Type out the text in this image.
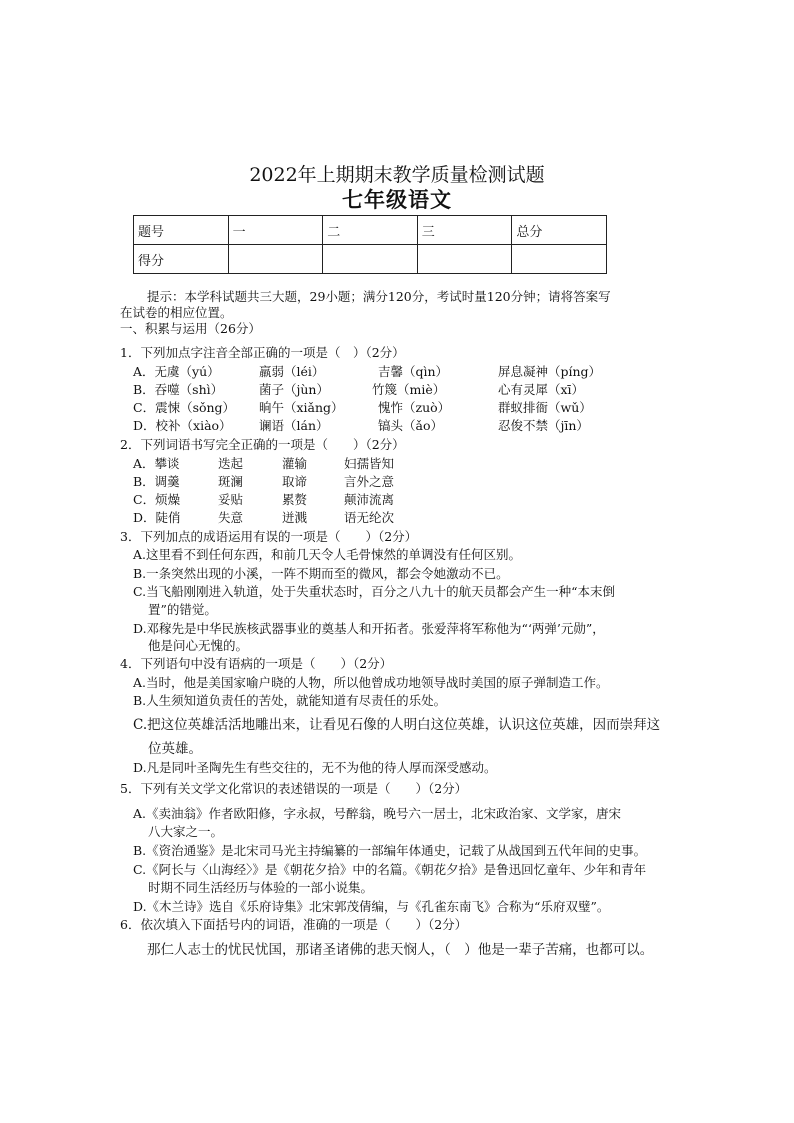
2022年上期期末教学质量检测试题
七年级语文
题号	一	二	三	总分
得分				
提示：本学科试题共三大题，29小题；满分120分，考试时量120分钟；请将答案写
在试卷的相应位置。
一、积累与运用（26分）
1．下列加点字注音全部正确的一项是（　）（2分）
A．无虞（yú）	羸弱（léi）	吉馨（qìn）	屏息凝神（píng）
B．吞噬（shì）	菌子（jùn）	竹篾（miè）	心有灵犀（xī）
C．震悚（sǒng） 晌午（xiǎng）	愧怍（zuò）	群蚁排衙（wǔ）
D．校补（xiào） 谰语（lán）	镐头（ǎo）	忍俊不禁（jīn）
2．下列词语书写完全正确的一项是（　　）（2分）
A．攀谈	迭起	灌输	妇孺皆知
B．调羹	斑澜	取谛	言外之意
C．烦燥	妥贴	累赘	颠沛流离
D．陡俏	失意	迸溅	语无纶次
3．下列加点的成语运用有误的一项是（　　）（2分）
A.这里看不到任何东西，和前几天令人毛骨悚然的单调没有任何区别。
B.一条突然出现的小溪，一阵不期而至的微风，都会令她激动不已。
C.当飞船刚刚进入轨道，处于失重状态时，百分之八九十的航天员都会产生一种“本末倒
置”的错觉。
D.邓稼先是中华民族核武器事业的奠基人和开拓者。张爱萍将军称他为“‘两弹’元勋”，
他是问心无愧的。
4．下列语句中没有语病的一项是（　　）（2分）
A.当时，他是美国家喻户晓的人物，所以他曾成功地领导战时美国的原子弹制造工作。
B.人生须知道负责任的苦处，就能知道有尽责任的乐处。
C.把这位英雄活活地雕出来，让看见石像的人明白这位英雄，认识这位英雄，因而崇拜这
位英雄。
D.凡是同叶圣陶先生有些交往的，无不为他的待人厚而深受感动。
5．下列有关文学文化常识的表述错误的一项是（　　）（2分）
A.《卖油翁》作者欧阳修，字永叔，号醉翁，晚号六一居士，北宋政治家、文学家，唐宋
八大家之一。
B.《资治通鉴》是北宋司马光主持编纂的一部编年体通史，记载了从战国到五代年间的史事。
C.《阿长与〈山海经〉》是《朝花夕拾》中的名篇。《朝花夕拾》是鲁迅回忆童年、少年和青年
时期不同生活经历与体验的一部小说集。
D.《木兰诗》选自《乐府诗集》北宋郭茂倩编，与《孔雀东南飞》合称为“乐府双璧”。
6．依次填入下面括号内的词语，准确的一项是（　　）（2分）
那仁人志士的忧民忧国，那诸圣诸佛的悲天悯人，（　）他是一辈子苦痛，也都可以。
